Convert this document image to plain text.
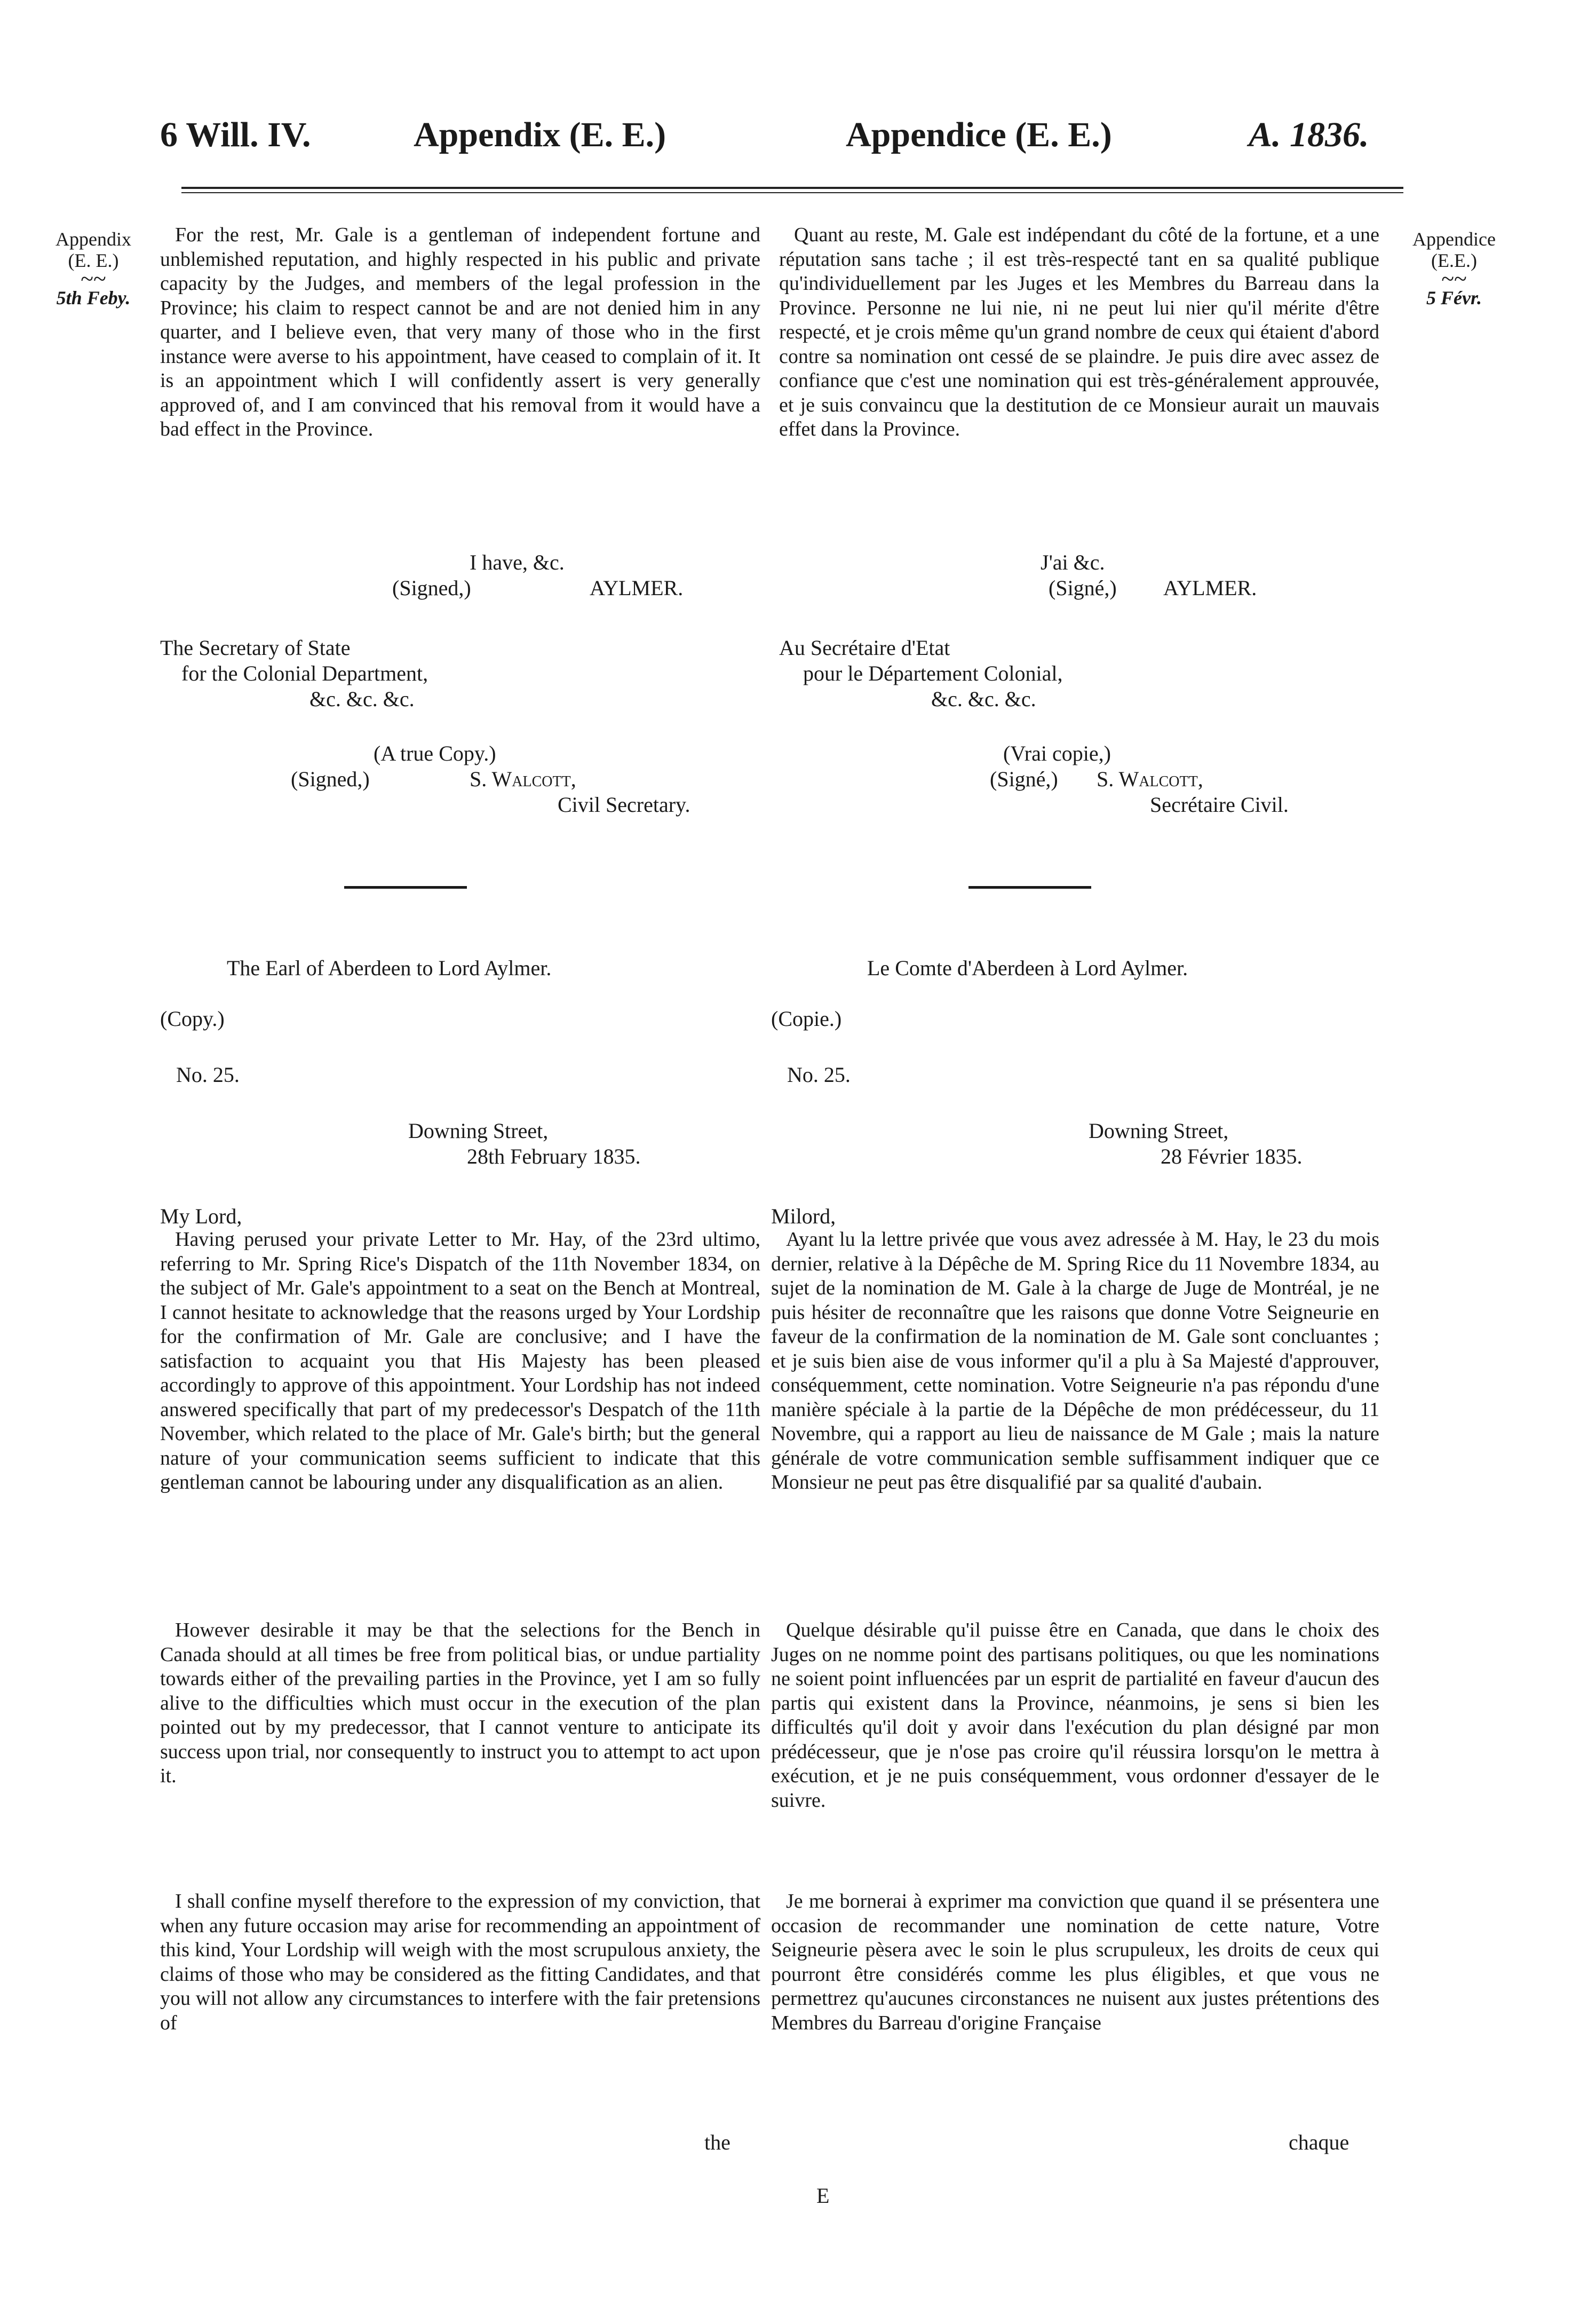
6 Will. IV.	Appendix (E. E.)	Appendice (E. E.)	A. 1836.
Appendix
(E. E.)
~~
5th Feby.
Appendice
(E.E.)
~~
5 Févr.
For the rest, Mr. Gale is a gentleman of independent fortune and unblemished reputation, and highly respected in his public and private capacity by the Judges, and members of the legal profession in the Province; his claim to respect cannot be and are not denied him in any quarter, and I believe even, that very many of those who in the first instance were averse to his appointment, have ceased to complain of it. It is an appointment which I will confidently assert is very generally approved of, and I am convinced that his removal from it would have a bad effect in the Province.
I have, &c.
(Signed,)	AYLMER.
The Secretary of State
for the Colonial Department,
&c. &c. &c.
(A true Copy.)
(Signed,)	S. Walcott,
Civil Secretary.
The Earl of Aberdeen to Lord Aylmer.
(Copy.)
No. 25.
Downing Street,
28th February 1835.
My Lord,
Having perused your private Letter to Mr. Hay, of the 23rd ultimo, referring to Mr. Spring Rice's Dispatch of the 11th November 1834, on the subject of Mr. Gale's appointment to a seat on the Bench at Montreal, I cannot hesitate to acknowledge that the reasons urged by Your Lordship for the confirmation of Mr. Gale are conclusive; and I have the satisfaction to acquaint you that His Majesty has been pleased accordingly to approve of this appointment. Your Lordship has not indeed answered specifically that part of my predecessor's Despatch of the 11th November, which related to the place of Mr. Gale's birth; but the general nature of your communication seems sufficient to indicate that this gentleman cannot be labouring under any disqualification as an alien.
However desirable it may be that the selections for the Bench in Canada should at all times be free from political bias, or undue partiality towards either of the prevailing parties in the Province, yet I am so fully alive to the difficulties which must occur in the execution of the plan pointed out by my predecessor, that I cannot venture to anticipate its success upon trial, nor consequently to instruct you to attempt to act upon it.
I shall confine myself therefore to the expression of my conviction, that when any future occasion may arise for recommending an appointment of this kind, Your Lordship will weigh with the most scrupulous anxiety, the claims of those who may be considered as the fitting Candidates, and that you will not allow any circumstances to interfere with the fair pretensions of
the
Quant au reste, M. Gale est indépendant du côté de la fortune, et a une réputation sans tache ; il est très-respecté tant en sa qualité publique qu'individuellement par les Juges et les Membres du Barreau dans la Province. Personne ne lui nie, ni ne peut lui nier qu'il mérite d'être respecté, et je crois même qu'un grand nombre de ceux qui étaient d'abord contre sa nomination ont cessé de se plaindre. Je puis dire avec assez de confiance que c'est une nomination qui est très-généralement approuvée, et je suis convaincu que la destitution de ce Monsieur aurait un mauvais effet dans la Province.
J'ai &c.
(Signé,) AYLMER.
Au Secrétaire d'Etat
pour le Département Colonial,
&c. &c. &c.
(Vrai copie,)
(Signé,) S. Walcott,
Secrétaire Civil.
Le Comte d'Aberdeen à Lord Aylmer.
(Copie.)
No. 25.
Downing Street,
28 Février 1835.
Milord,
Ayant lu la lettre privée que vous avez adressée à M. Hay, le 23 du mois dernier, relative à la Dépêche de M. Spring Rice du 11 Novembre 1834, au sujet de la nomination de M. Gale à la charge de Juge de Montréal, je ne puis hésiter de reconnaître que les raisons que donne Votre Seigneurie en faveur de la confirmation de la nomination de M. Gale sont concluantes ; et je suis bien aise de vous informer qu'il a plu à Sa Majesté d'approuver, conséquemment, cette nomination. Votre Seigneurie n'a pas répondu d'une manière spéciale à la partie de la Dépêche de mon prédécesseur, du 11 Novembre, qui a rapport au lieu de naissance de M Gale ; mais la nature générale de votre communication semble suffisamment indiquer que ce Monsieur ne peut pas être disqualifié par sa qualité d'aubain.
Quelque désirable qu'il puisse être en Canada, que dans le choix des Juges on ne nomme point des partisans politiques, ou que les nominations ne soient point influencées par un esprit de partialité en faveur d'aucun des partis qui existent dans la Province, néanmoins, je sens si bien les difficultés qu'il doit y avoir dans l'exécution du plan désigné par mon prédécesseur, que je n'ose pas croire qu'il réussira lorsqu'on le mettra à exécution, et je ne puis conséquemment, vous ordonner d'essayer de le suivre.
Je me bornerai à exprimer ma conviction que quand il se présentera une occasion de recommander une nomination de cette nature, Votre Seigneurie pèsera avec le soin le plus scrupuleux, les droits de ceux qui pourront être considérés comme les plus éligibles, et que vous ne permettrez qu'aucunes circonstances ne nuisent aux justes prétentions des Membres du Barreau d'origine Française
chaque
E
